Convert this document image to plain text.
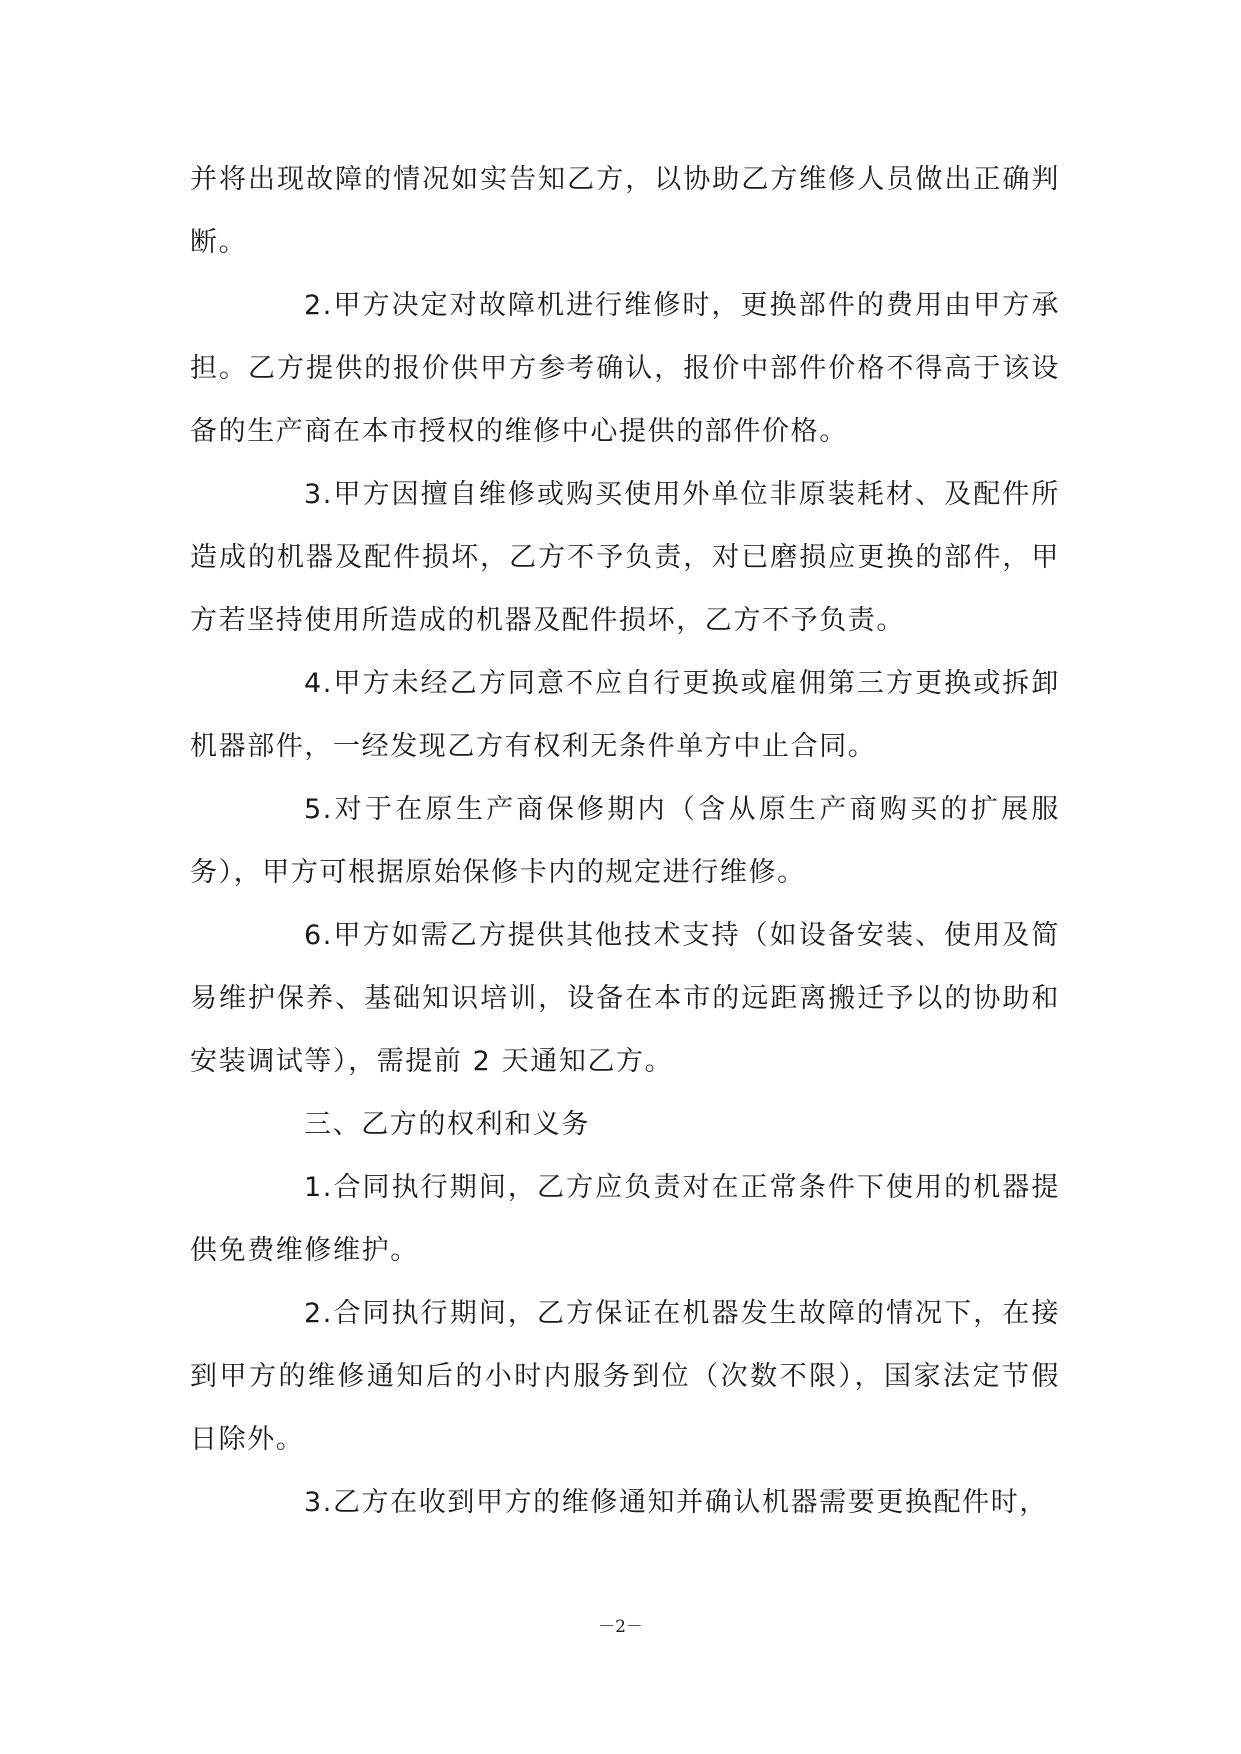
并将出现故障的情况如实告知乙方，以协助乙方维修人员做出正确判断。

2.甲方决定对故障机进行维修时，更换部件的费用由甲方承担。乙方提供的报价供甲方参考确认，报价中部件价格不得高于该设备的生产商在本市授权的维修中心提供的部件价格。

3.甲方因擅自维修或购买使用外单位非原装耗材、及配件所造成的机器及配件损坏，乙方不予负责，对已磨损应更换的部件，甲方若坚持使用所造成的机器及配件损坏，乙方不予负责。

4.甲方未经乙方同意不应自行更换或雇佣第三方更换或拆卸机器部件，一经发现乙方有权利无条件单方中止合同。

5.对于在原生产商保修期内（含从原生产商购买的扩展服务），甲方可根据原始保修卡内的规定进行维修。

6.甲方如需乙方提供其他技术支持（如设备安装、使用及简易维护保养、基础知识培训，设备在本市的远距离搬迁予以的协助和安装调试等），需提前 2 天通知乙方。

三、乙方的权利和义务

1.合同执行期间，乙方应负责对在正常条件下使用的机器提供免费维修维护。

2.合同执行期间，乙方保证在机器发生故障的情况下，在接到甲方的维修通知后的小时内服务到位（次数不限），国家法定节假日除外。

3.乙方在收到甲方的维修通知并确认机器需要更换配件时，

－2－
